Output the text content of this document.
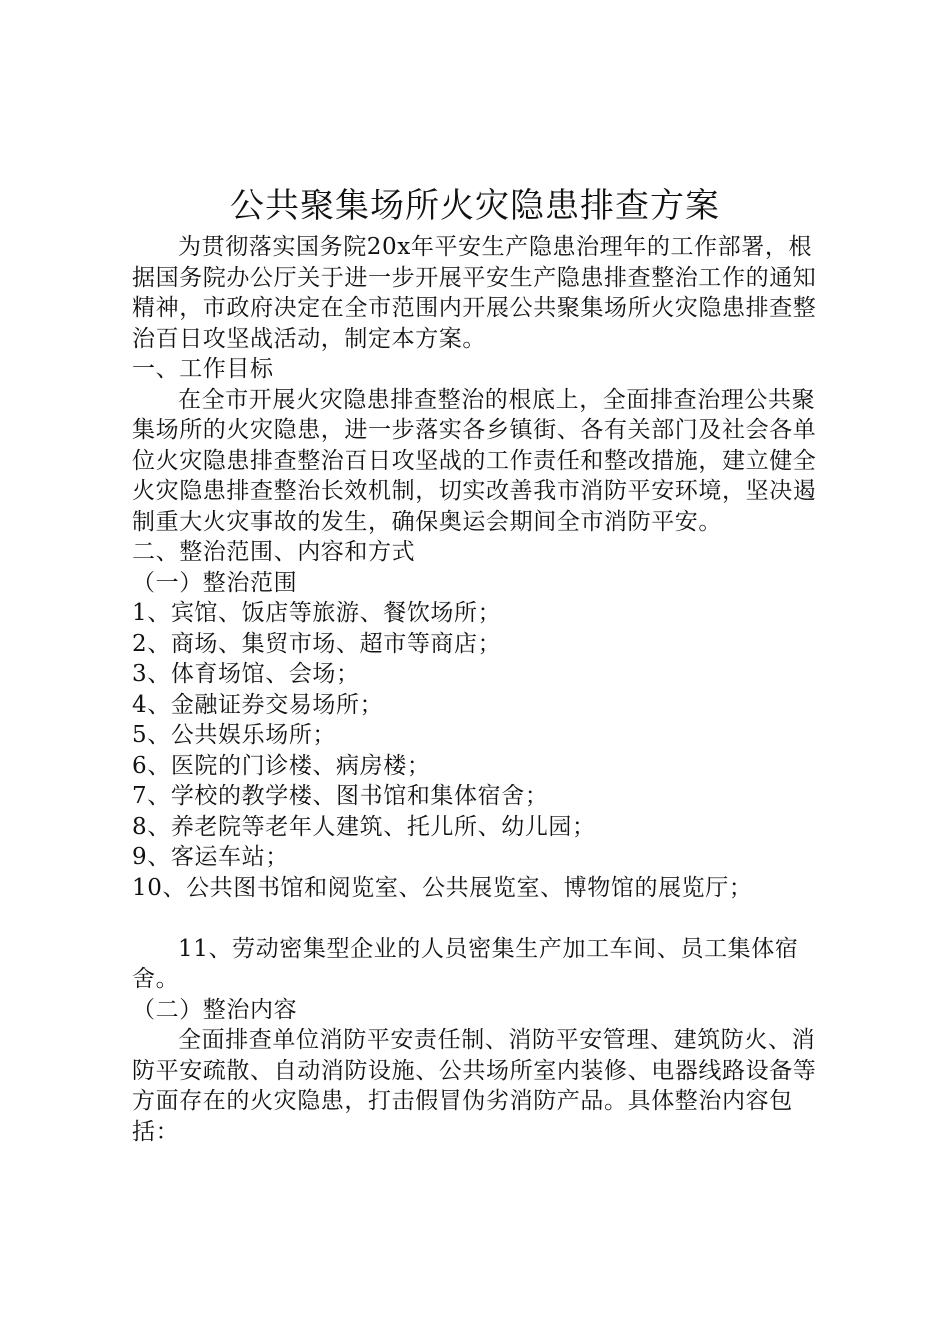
公共聚集场所火灾隐患排查方案

为贯彻落实国务院20x年平安生产隐患治理年的工作部署，根据国务院办公厅关于进一步开展平安生产隐患排查整治工作的通知精神，市政府决定在全市范围内开展公共聚集场所火灾隐患排查整治百日攻坚战活动，制定本方案。

一、工作目标

在全市开展火灾隐患排查整治的根底上，全面排查治理公共聚集场所的火灾隐患，进一步落实各乡镇街、各有关部门及社会各单位火灾隐患排查整治百日攻坚战的工作责任和整改措施，建立健全火灾隐患排查整治长效机制，切实改善我市消防平安环境，坚决遏制重大火灾事故的发生，确保奥运会期间全市消防平安。

二、整治范围、内容和方式

（一）整治范围

1、宾馆、饭店等旅游、餐饮场所；

2、商场、集贸市场、超市等商店；

3、体育场馆、会场；

4、金融证券交易场所；

5、公共娱乐场所；

6、医院的门诊楼、病房楼；

7、学校的教学楼、图书馆和集体宿舍；

8、养老院等老年人建筑、托儿所、幼儿园；

9、客运车站；

10、公共图书馆和阅览室、公共展览室、博物馆的展览厅；

11、劳动密集型企业的人员密集生产加工车间、员工集体宿舍。

（二）整治内容

全面排查单位消防平安责任制、消防平安管理、建筑防火、消防平安疏散、自动消防设施、公共场所室内装修、电器线路设备等方面存在的火灾隐患，打击假冒伪劣消防产品。具体整治内容包括：
